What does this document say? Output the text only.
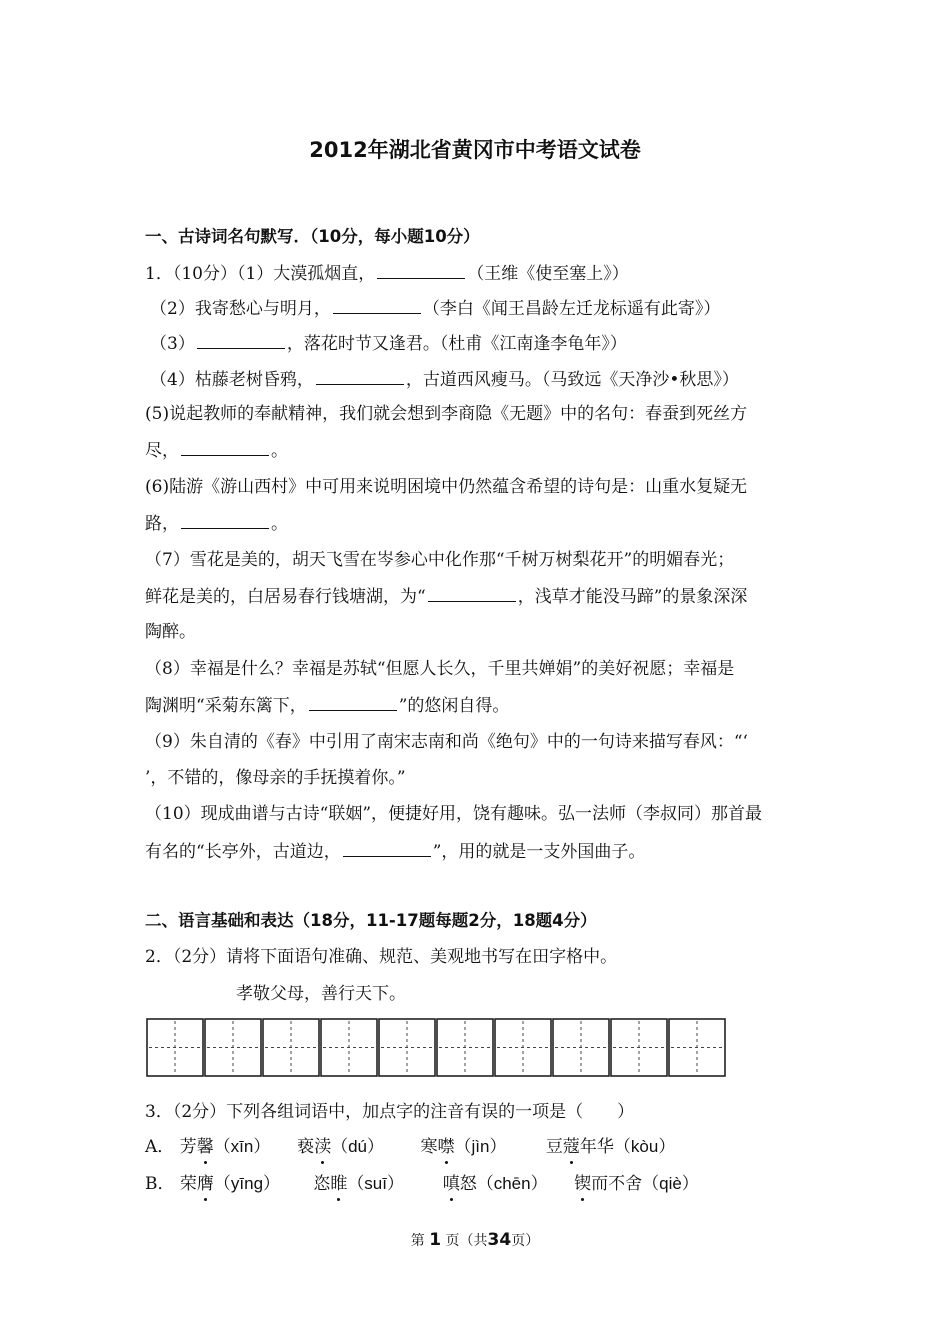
2012年湖北省黄冈市中考语文试卷
一、古诗词名句默写．（10分，每小题10分）
1．（10分）（1）大漠孤烟直，	（王维《使至塞上》）
（2）我寄愁心与明月，	（李白《闻王昌龄左迁龙标遥有此寄》）
（3）	，落花时节又逢君。（杜甫《江南逢李龟年》）
（4）枯藤老树昏鸦，	，古道西风瘦马。（马致远《天净沙•秋思》）
(5)说起教师的奉献精神，我们就会想到李商隐《无题》中的名句：春蚕到死丝方
尽，	。
(6)陆游《游山西村》中可用来说明困境中仍然蕴含希望的诗句是：山重水复疑无
路，	。
（7）雪花是美的，胡天飞雪在岑参心中化作那“千树万树梨花开”的明媚春光；
鲜花是美的，白居易春行钱塘湖，为“	，浅草才能没马蹄”的景象深深
陶醉。
（8）幸福是什么？幸福是苏轼“但愿人长久，千里共婵娟”的美好祝愿；幸福是
陶渊明“采菊东篱下，	”的悠闲自得。
（9）朱自清的《春》中引用了南宋志南和尚《绝句》中的一句诗来描写春风：“‘
’，不错的，像母亲的手抚摸着你。”
（10）现成曲谱与古诗“联姻”，便捷好用，饶有趣味。弘一法师（李叔同）那首最
有名的“长亭外，古道边，	”，用的就是一支外国曲子。
二、语言基础和表达（18分，11-17题每题2分，18题4分）
2．（2分）请将下面语句准确、规范、美观地书写在田字格中。
孝敬父母，善行天下。
3．（2分）下列各组词语中，加点字的注音有误的一项是（　　）
A． 芳馨（xīn） 亵渎（dú） 寒噤（jìn） 豆蔻年华（kòu）
B． 荣膺（yīng） 恣睢（suī） 嗔怒（chēn） 锲而不舍（qiè）
第 1 页（共34页）
